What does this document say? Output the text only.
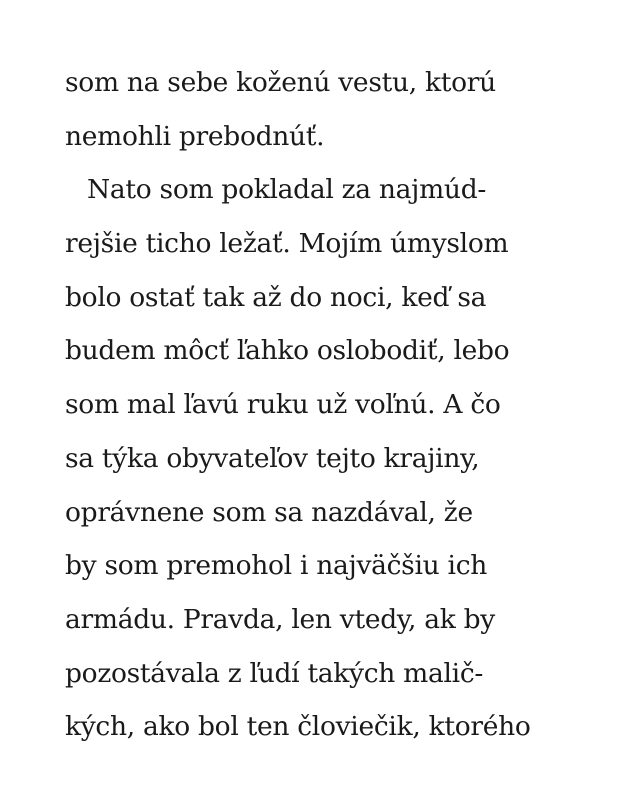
som na sebe koženú vestu, ktorú
nemohli prebodnúť.
Nato som pokladal za najmúd-
rejšie ticho ležať. Mojím úmyslom
bolo ostať tak až do noci, keď sa
budem môcť ľahko oslobodiť, lebo
som mal ľavú ruku už voľnú. A čo
sa týka obyvateľov tejto krajiny,
oprávnene som sa nazdával, že
by som premohol i najväčšiu ich
armádu. Pravda, len vtedy, ak by
pozostávala z ľudí takých malič-
kých, ako bol ten človiečik, ktorého
